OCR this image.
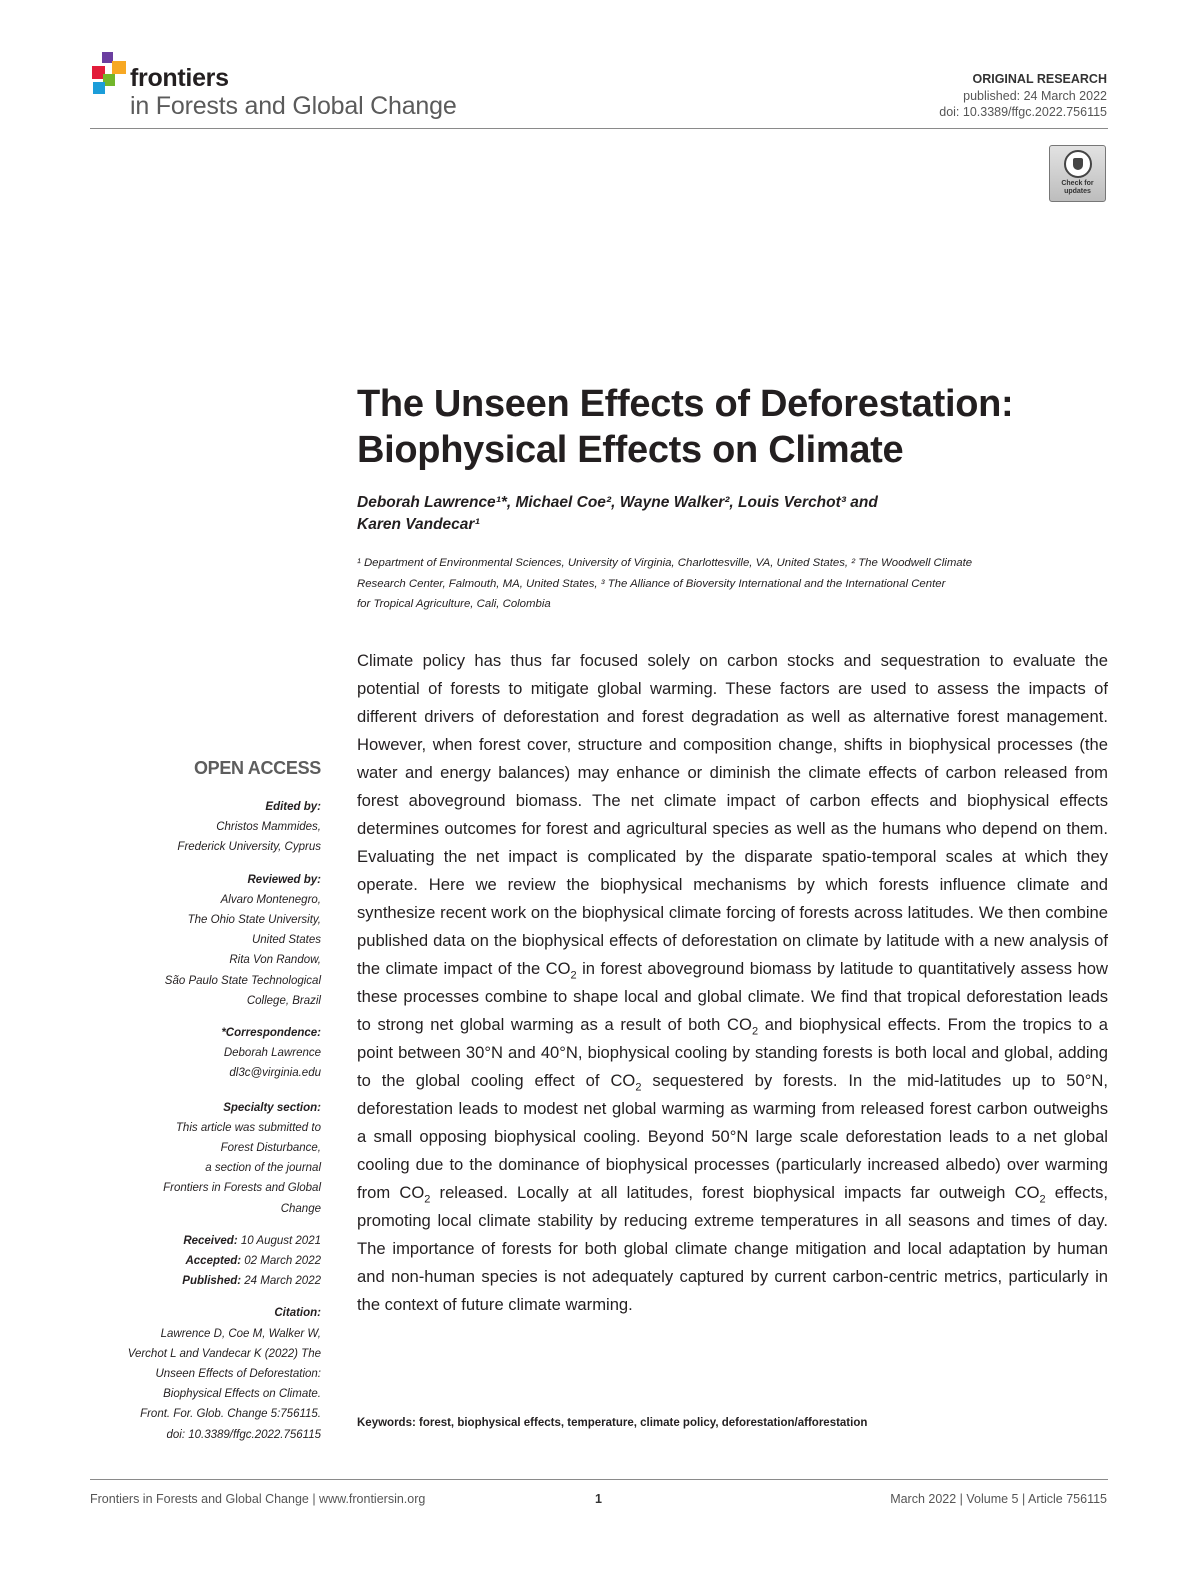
frontiers
in Forests and Global Change
ORIGINAL RESEARCH
published: 24 March 2022
doi: 10.3389/ffgc.2022.756115
Check for updates
The Unseen Effects of Deforestation:
Biophysical Effects on Climate
Deborah Lawrence¹*, Michael Coe², Wayne Walker², Louis Verchot³ and
Karen Vandecar¹
¹ Department of Environmental Sciences, University of Virginia, Charlottesville, VA, United States, ² The Woodwell Climate
Research Center, Falmouth, MA, United States, ³ The Alliance of Bioversity International and the International Center
for Tropical Agriculture, Cali, Colombia
Climate policy has thus far focused solely on carbon stocks and sequestration to evaluate the potential of forests to mitigate global warming. These factors are used to assess the impacts of different drivers of deforestation and forest degradation as well as alternative forest management. However, when forest cover, structure and composition change, shifts in biophysical processes (the water and energy balances) may enhance or diminish the climate effects of carbon released from forest aboveground biomass. The net climate impact of carbon effects and biophysical effects determines outcomes for forest and agricultural species as well as the humans who depend on them. Evaluating the net impact is complicated by the disparate spatio-temporal scales at which they operate. Here we review the biophysical mechanisms by which forests influence climate and synthesize recent work on the biophysical climate forcing of forests across latitudes. We then combine published data on the biophysical effects of deforestation on climate by latitude with a new analysis of the climate impact of the $CO_2$ in forest aboveground biomass by latitude to quantitatively assess how these processes combine to shape local and global climate. We find that tropical deforestation leads to strong net global warming as a result of both $CO_2$ and biophysical effects. From the tropics to a point between 30°N and 40°N, biophysical cooling by standing forests is both local and global, adding to the global cooling effect of $CO_2$ sequestered by forests. In the mid-latitudes up to 50°N, deforestation leads to modest net global warming as warming from released forest carbon outweighs a small opposing biophysical cooling. Beyond 50°N large scale deforestation leads to a net global cooling due to the dominance of biophysical processes (particularly increased albedo) over warming from $CO_2$ released. Locally at all latitudes, forest biophysical impacts far outweigh $CO_2$ effects, promoting local climate stability by reducing extreme temperatures in all seasons and times of day. The importance of forests for both global climate change mitigation and local adaptation by human and non-human species is not adequately captured by current carbon-centric metrics, particularly in the context of future climate warming.
Keywords: forest, biophysical effects, temperature, climate policy, deforestation/afforestation
OPEN ACCESS
Edited by:
Christos Mammides,
Frederick University, Cyprus
Reviewed by:
Alvaro Montenegro,
The Ohio State University,
United States
Rita Von Randow,
São Paulo State Technological
College, Brazil
*Correspondence:
Deborah Lawrence
dl3c@virginia.edu
Specialty section:
This article was submitted to
Forest Disturbance,
a section of the journal
Frontiers in Forests and Global
Change
Received: 10 August 2021
Accepted: 02 March 2022
Published: 24 March 2022
Citation:
Lawrence D, Coe M, Walker W,
Verchot L and Vandecar K (2022) The
Unseen Effects of Deforestation:
Biophysical Effects on Climate.
Front. For. Glob. Change 5:756115.
doi: 10.3389/ffgc.2022.756115
Frontiers in Forests and Global Change | www.frontiersin.org	1	March 2022 | Volume 5 | Article 756115
